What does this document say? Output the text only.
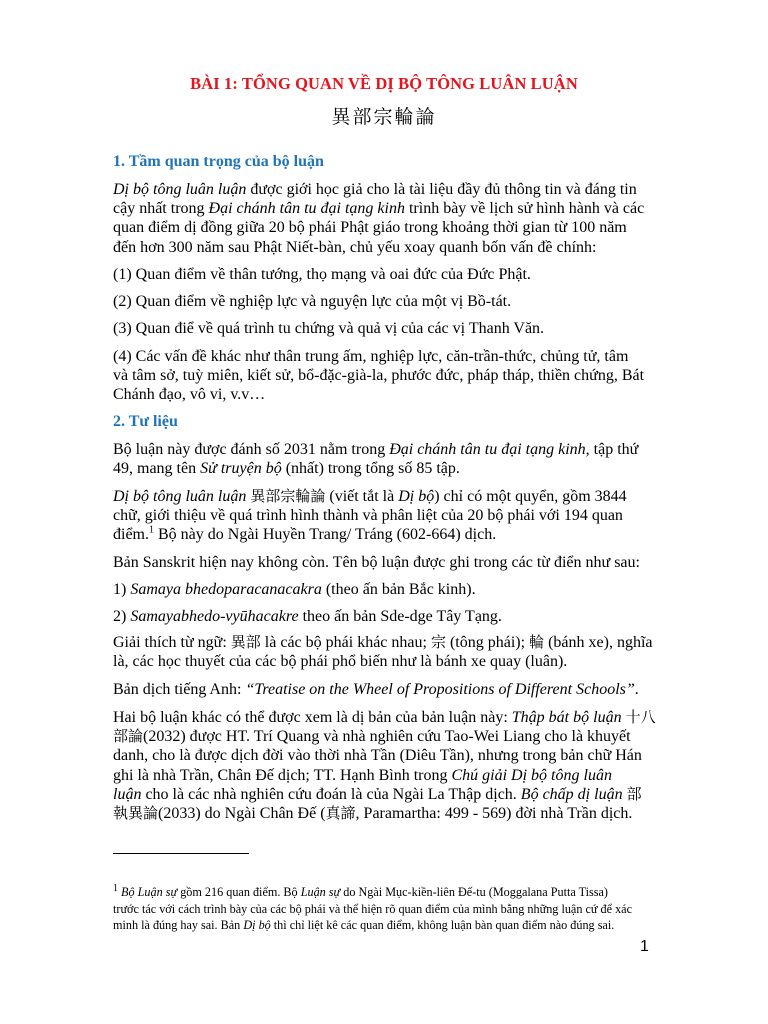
BÀI 1: TỔNG QUAN VỀ DỊ BỘ TÔNG LUÂN LUẬN
異部宗輪論
1. Tầm quan trọng của bộ luận
Dị bộ tông luân luận được giới học giả cho là tài liệu đầy đủ thông tin và đáng tin
cậy nhất trong Đại chánh tân tu đại tạng kinh trình bày về lịch sử hình hành và các
quan điểm dị đồng giữa 20 bộ phái Phật giáo trong khoảng thời gian từ 100 năm
đến hơn 300 năm sau Phật Niết-bàn, chủ yếu xoay quanh bốn vấn đề chính:
(1) Quan điểm về thân tướng, thọ mạng và oai đức của Đức Phật.
(2) Quan điểm về nghiệp lực và nguyện lực của một vị Bồ-tát.
(3) Quan điể về quá trình tu chứng và quả vị của các vị Thanh Văn.
(4) Các vấn đề khác như thân trung ấm, nghiệp lực, căn-trần-thức, chủng tử, tâm
và tâm sở, tuỳ miên, kiết sử, bổ-đặc-già-la, phước đức, pháp tháp, thiền chứng, Bát
Chánh đạo, vô vi, v.v…
2. Tư liệu
Bộ luận này được đánh số 2031 nằm trong Đại chánh tân tu đại tạng kinh, tập thứ
49, mang tên Sử truyện bộ (nhất) trong tổng số 85 tập.
Dị bộ tông luân luận 異部宗輪論 (viết tắt là Dị bộ) chỉ có một quyển, gồm 3844
chữ, giới thiệu về quá trình hình thành và phân liệt của 20 bộ phái với 194 quan
điểm.$^1$ Bộ này do Ngài Huyền Trang/ Tráng (602-664) dịch.
Bản Sanskrit hiện nay không còn. Tên bộ luận được ghi trong các từ điển như sau:
1) Samaya bhedoparacanacakra (theo ấn bản Bắc kinh).
2) Samayabhedo-vyūhacakre theo ấn bản Sde-dge Tây Tạng.
Giải thích từ ngữ: 異部 là các bộ phái khác nhau; 宗 (tông phái); 輪 (bánh xe), nghĩa
là, các học thuyết của các bộ phái phổ biến như là bánh xe quay (luân).
Bản dịch tiếng Anh: “Treatise on the Wheel of Propositions of Different Schools”.
Hai bộ luận khác có thể được xem là dị bản của bản luận này: Thập bát bộ luận 十八
部論(2032) được HT. Trí Quang và nhà nghiên cứu Tao-Wei Liang cho là khuyết
danh, cho là được dịch đời vào thời nhà Tần (Diêu Tần), nhưng trong bản chữ Hán
ghi là nhà Trần, Chân Đế dịch; TT. Hạnh Bình trong Chú giải Dị bộ tông luân
luận cho là các nhà nghiên cứu đoán là của Ngài La Thập dịch. Bộ chấp dị luận 部
執異論(2033) do Ngài Chân Đế (真諦, Paramartha: 499 - 569) đời nhà Trần dịch.
$^1$ Bộ Luận sự gồm 216 quan điểm. Bộ Luận sự do Ngài Mục-kiền-liên Đế-tu (Moggalana Putta Tissa)
trước tác với cách trình bày của các bộ phái và thể hiện rõ quan điểm của mình bằng những luận cứ để xác
minh là đúng hay sai. Bản Dị bộ thì chỉ liệt kê các quan điểm, không luận bàn quan điểm nào đúng sai.
1
